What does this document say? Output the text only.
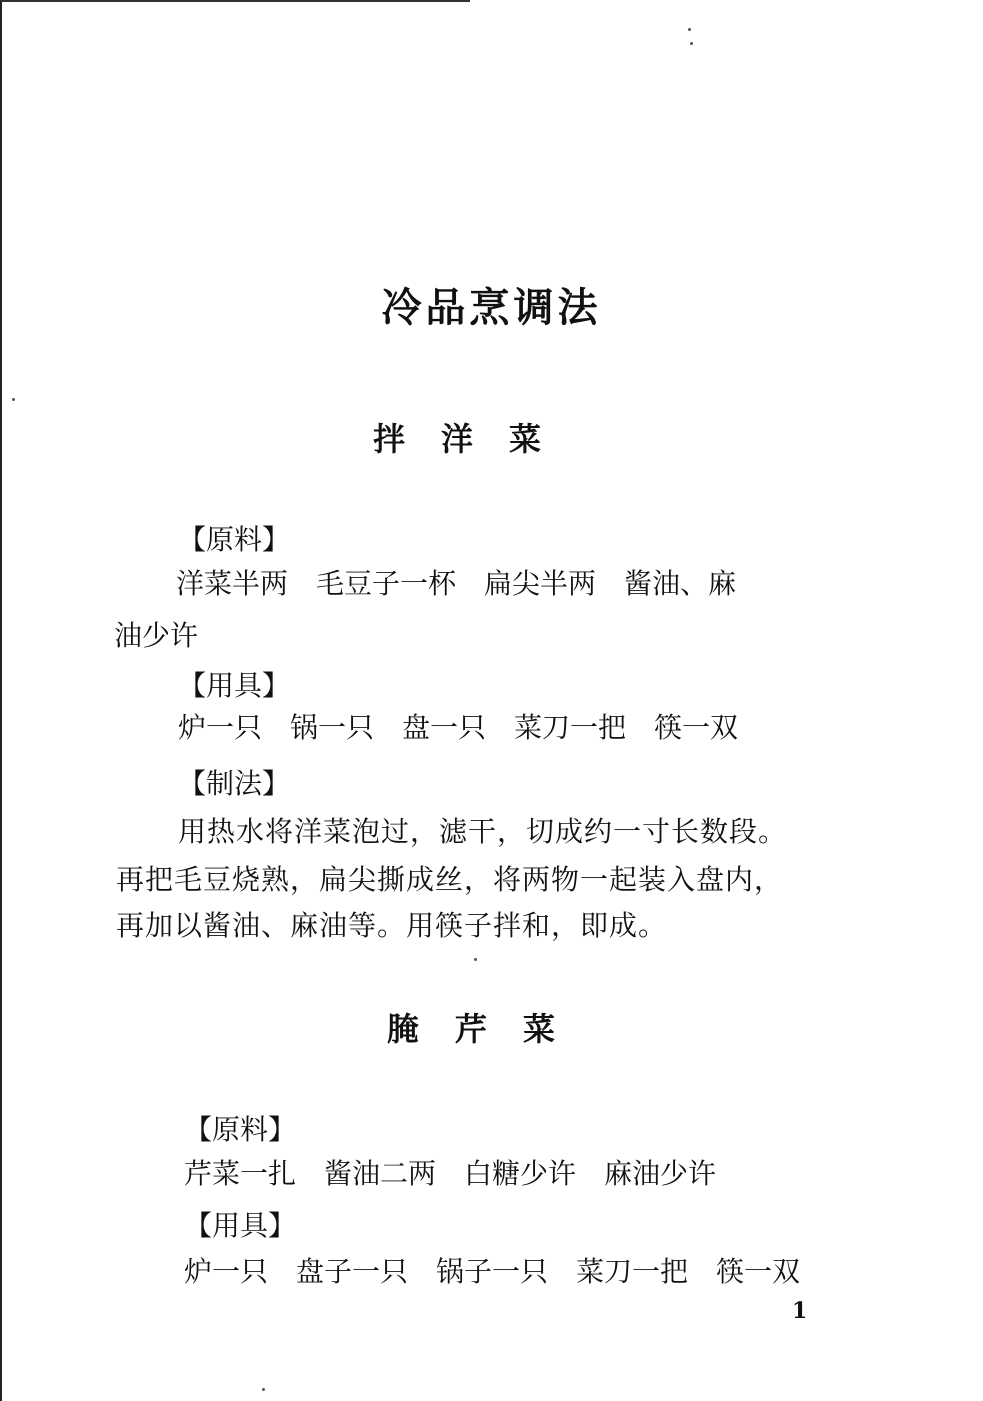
冷品烹调法
拌洋菜
【 原料 】
洋菜半两　毛豆子一杯　扁尖半两　酱油、麻
油少许
【 用具 】
炉一只　锅一只　盘一只　菜刀一把　筷一双
【 制法 】
用热水将洋菜泡过，滤干，切成约一寸长数段。
再把毛豆烧熟，扁尖撕成丝，将两物一起装入盘内，
再加以酱油、麻油等。用筷子拌和，即成。
腌芹菜
【 原料 】
芹菜一扎　酱油二两　白糖少许　麻油少许
【 用具 】
炉一只　盘子一只　锅子一只　菜刀一把　筷一双
1
